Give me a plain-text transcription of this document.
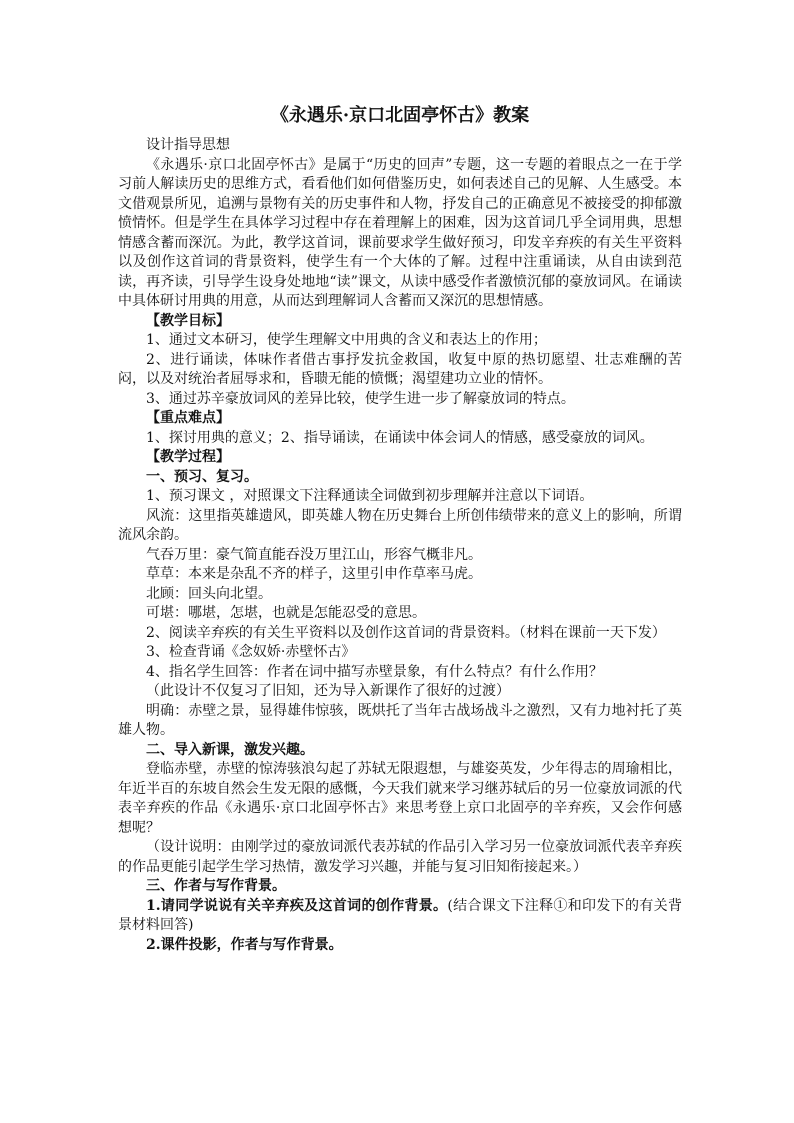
《永遇乐·京口北固亭怀古》教案

设计指导思想

《永遇乐·京口北固亭怀古》是属于“历史的回声”专题，这一专题的着眼点之一在于学习前人解读历史的思维方式，看看他们如何借鉴历史，如何表述自己的见解、人生感受。本文借观景所见，追溯与景物有关的历史事件和人物，抒发自己的正确意见不被接受的抑郁激愤情怀。但是学生在具体学习过程中存在着理解上的困难，因为这首词几乎全词用典，思想情感含蓄而深沉。为此，教学这首词，课前要求学生做好预习，印发辛弃疾的有关生平资料以及创作这首词的背景资料，使学生有一个大体的了解。过程中注重诵读，从自由读到范读，再齐读，引导学生设身处地地“读”课文，从读中感受作者激愤沉郁的豪放词风。在诵读中具体研讨用典的用意，从而达到理解词人含蓄而又深沉的思想情感。

【教学目标】

1、通过文本研习，使学生理解文中用典的含义和表达上的作用；

2、进行诵读，体味作者借古事抒发抗金救国，收复中原的热切愿望、壮志难酬的苦闷，以及对统治者屈辱求和，昏聩无能的愤慨；渴望建功立业的情怀。

3、通过苏辛豪放词风的差异比较，使学生进一步了解豪放词的特点。

【重点难点】

1、探讨用典的意义；2、指导诵读，在诵读中体会词人的情感，感受豪放的词风。

【教学过程】

一、预习、复习。

1、预习课文 ，对照课文下注释通读全词做到初步理解并注意以下词语。

风流：这里指英雄遗风，即英雄人物在历史舞台上所创伟绩带来的意义上的影响，所谓流风余韵。

气吞万里：豪气简直能吞没万里江山，形容气概非凡。

草草：本来是杂乱不齐的样子，这里引申作草率马虎。

北顾：回头向北望。

可堪：哪堪，怎堪，也就是怎能忍受的意思。

2、阅读辛弃疾的有关生平资料以及创作这首词的背景资料。（材料在课前一天下发）

3、检查背诵《念奴娇·赤壁怀古》

4、指名学生回答：作者在词中描写赤壁景象，有什么特点？有什么作用？

（此设计不仅复习了旧知，还为导入新课作了很好的过渡）

明确：赤壁之景，显得雄伟惊骇，既烘托了当年古战场战斗之激烈，又有力地衬托了英雄人物。

二、导入新课，激发兴趣。

登临赤壁，赤壁的惊涛骇浪勾起了苏轼无限遐想，与雄姿英发，少年得志的周瑜相比，年近半百的东坡自然会生发无限的感慨，今天我们就来学习继苏轼后的另一位豪放词派的代表辛弃疾的作品《永遇乐·京口北固亭怀古》来思考登上京口北固亭的辛弃疾，又会作何感想呢？

（设计说明：由刚学过的豪放词派代表苏轼的作品引入学习另一位豪放词派代表辛弃疾的作品更能引起学生学习热情，激发学习兴趣，并能与复习旧知衔接起来。）

三、作者与写作背景。

1.请同学说说有关辛弃疾及这首词的创作背景。(结合课文下注释①和印发下的有关背景材料回答)

2.课件投影，作者与写作背景。
